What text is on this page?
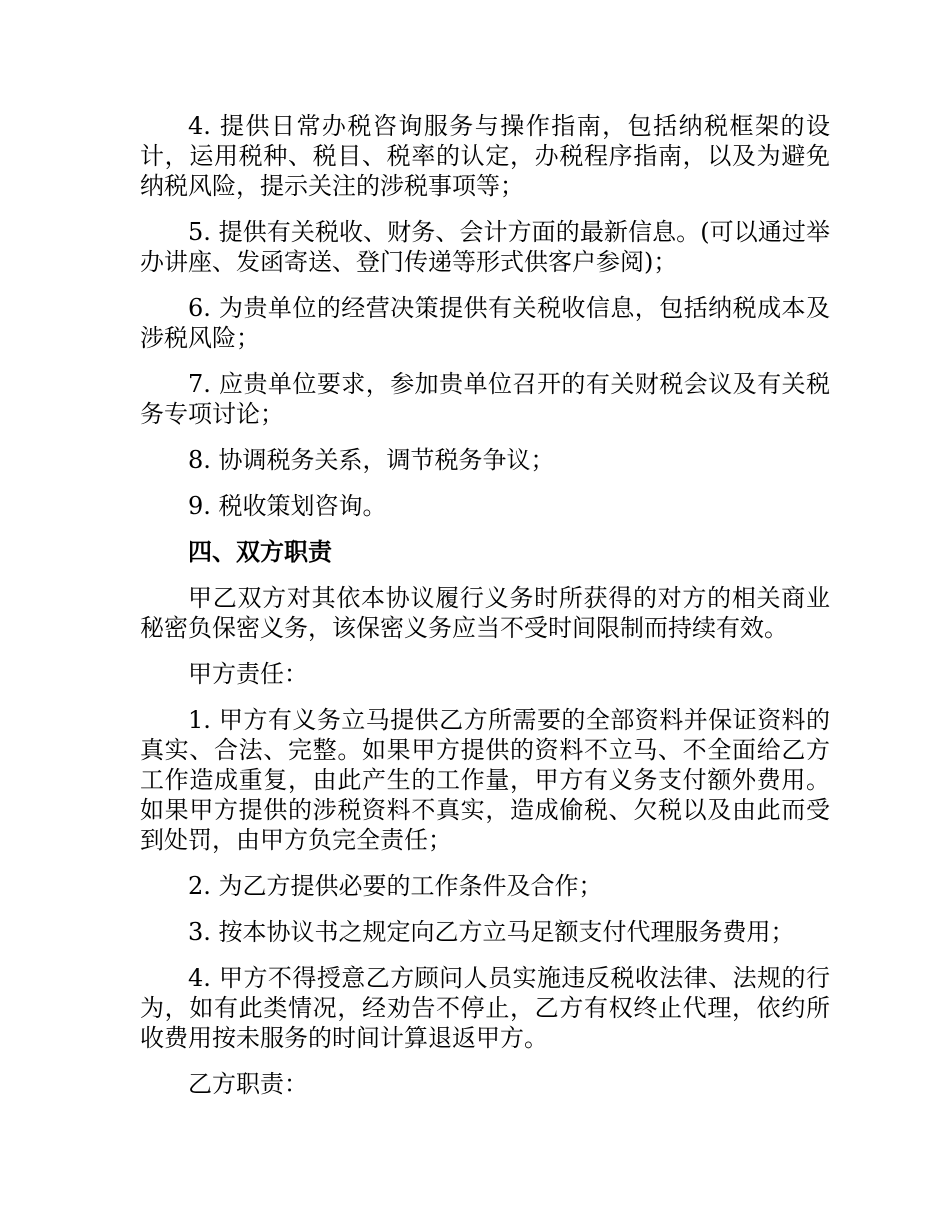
4. 提供日常办税咨询服务与操作指南，包括纳税框架的设计，运用税种、税目、税率的认定，办税程序指南，以及为避免纳税风险，提示关注的涉税事项等；

5. 提供有关税收、财务、会计方面的最新信息。(可以通过举办讲座、发函寄送、登门传递等形式供客户参阅)；

6. 为贵单位的经营决策提供有关税收信息，包括纳税成本及涉税风险；

7. 应贵单位要求，参加贵单位召开的有关财税会议及有关税务专项讨论；

8. 协调税务关系，调节税务争议；

9. 税收策划咨询。

四、双方职责

甲乙双方对其依本协议履行义务时所获得的对方的相关商业秘密负保密义务，该保密义务应当不受时间限制而持续有效。

甲方责任：

1. 甲方有义务立马提供乙方所需要的全部资料并保证资料的真实、合法、完整。如果甲方提供的资料不立马、不全面给乙方工作造成重复，由此产生的工作量，甲方有义务支付额外费用。如果甲方提供的涉税资料不真实，造成偷税、欠税以及由此而受到处罚，由甲方负完全责任；

2. 为乙方提供必要的工作条件及合作；

3. 按本协议书之规定向乙方立马足额支付代理服务费用；

4. 甲方不得授意乙方顾问人员实施违反税收法律、法规的行为，如有此类情况，经劝告不停止，乙方有权终止代理，依约所收费用按未服务的时间计算退返甲方。

乙方职责：
